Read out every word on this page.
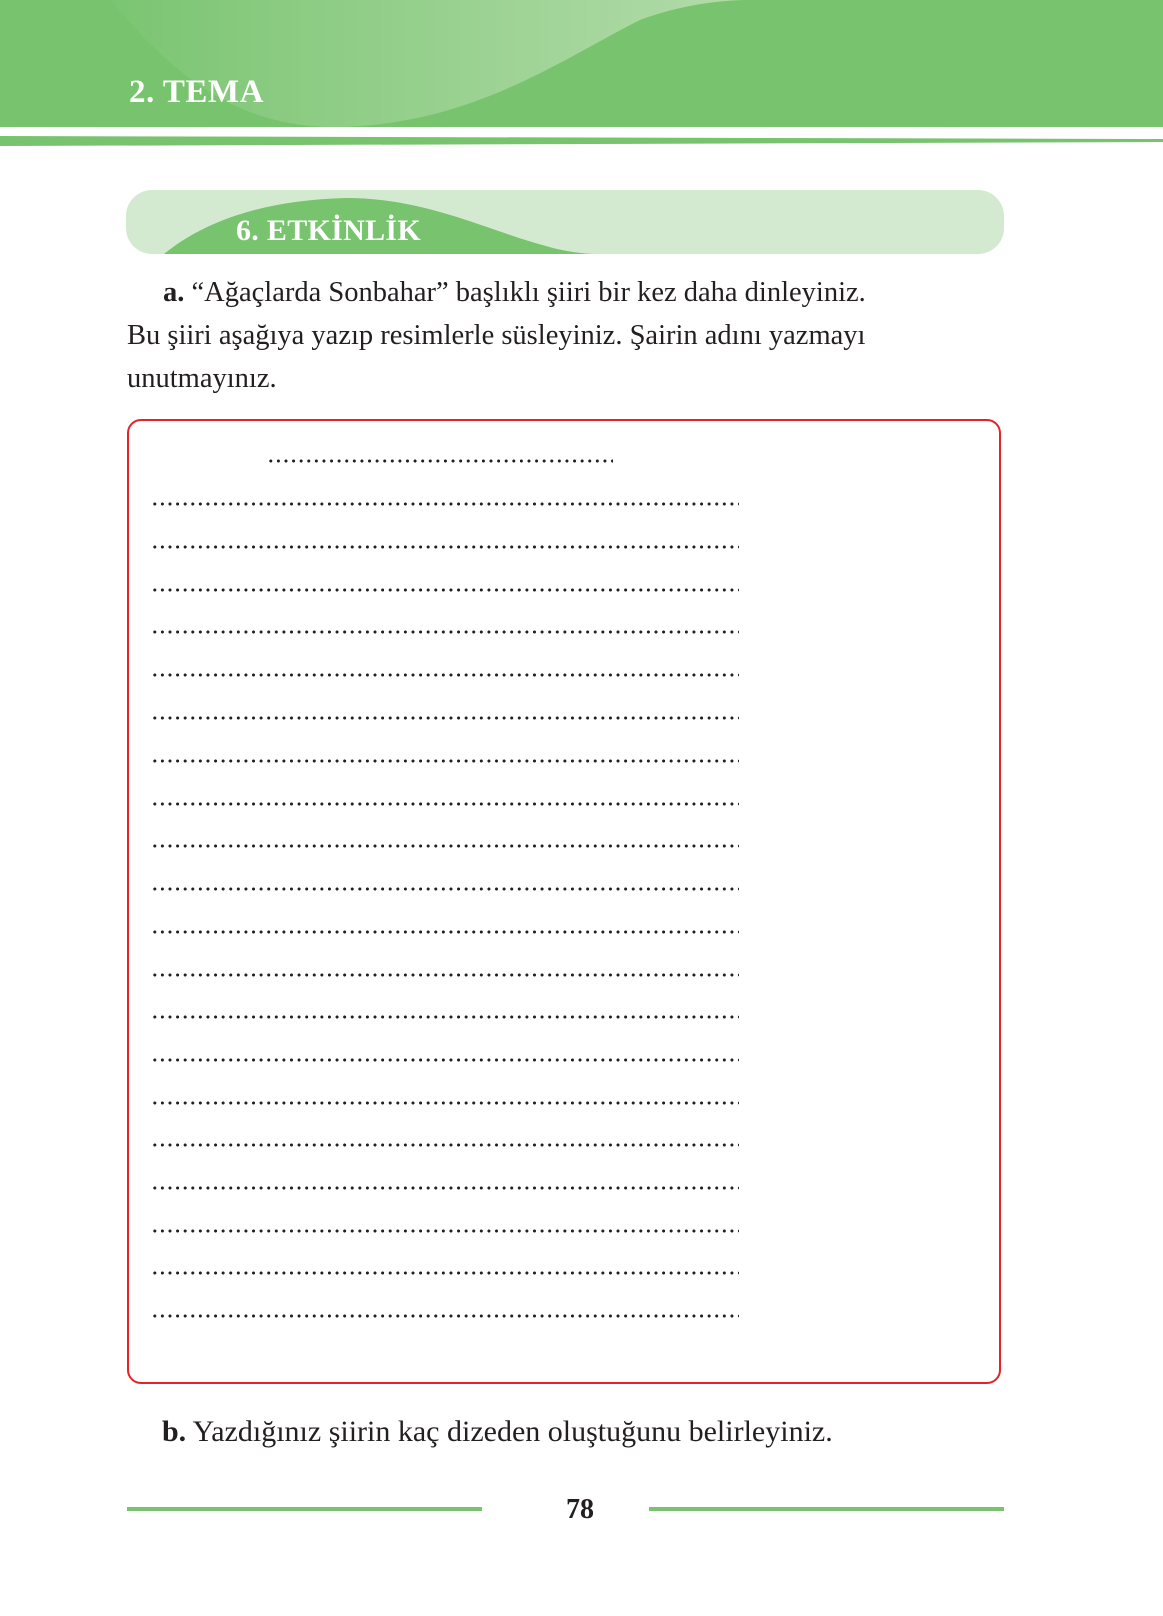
2. TEMA
6. ETKİNLİK
a. “Ağaçlarda Sonbahar” başlıklı şiiri bir kez daha dinleyiniz.
Bu şiiri aşağıya yazıp resimlerle süsleyiniz. Şairin adını yazmayı
unutmayınız.
b. Yazdığınız şiirin kaç dizeden oluştuğunu belirleyiniz.
78
